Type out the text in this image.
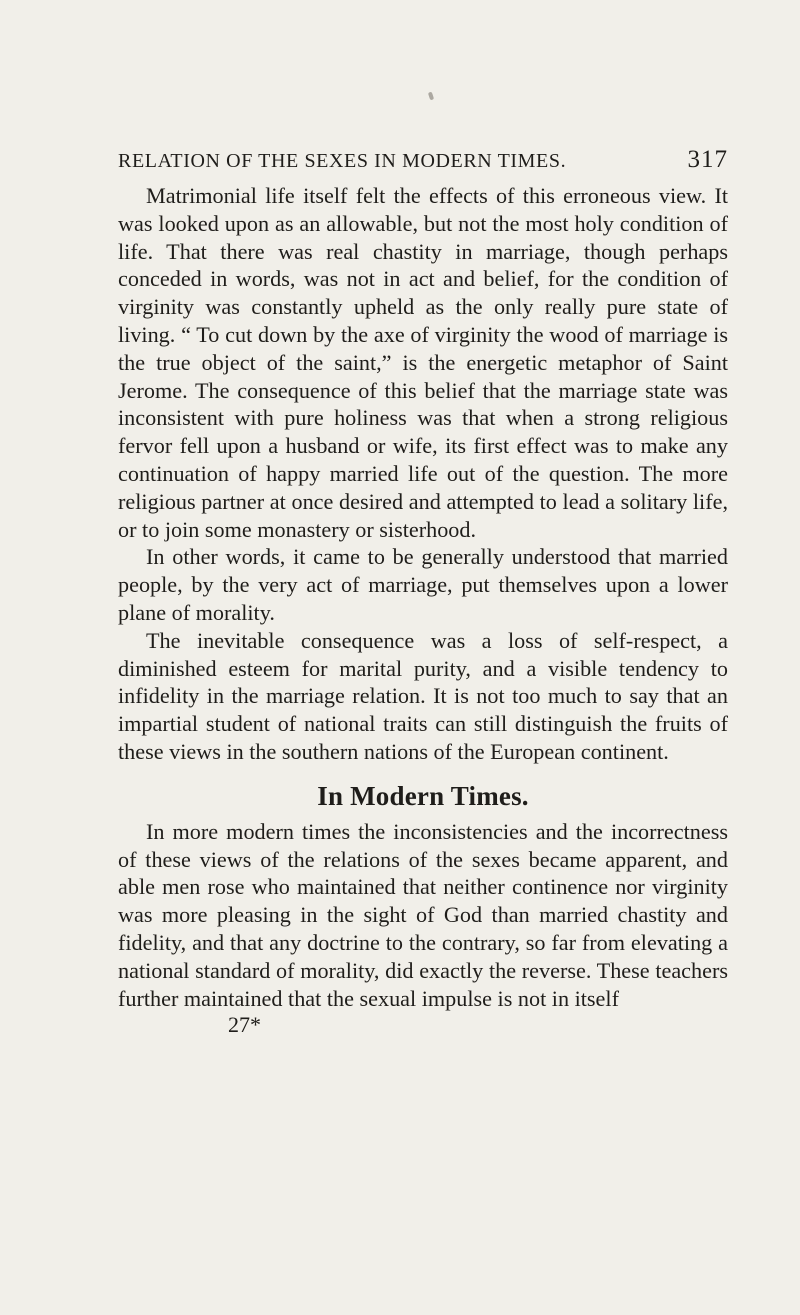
RELATION OF THE SEXES IN MODERN TIMES.	317

Matrimonial life itself felt the effects of this erroneous view. It was looked upon as an allowable, but not the most holy condition of life. That there was real chastity in marriage, though perhaps conceded in words, was not in act and belief, for the condition of virginity was constantly upheld as the only really pure state of living. “ To cut down by the axe of virginity the wood of marriage is the true object of the saint,” is the energetic metaphor of Saint Jerome. The consequence of this belief that the marriage state was inconsistent with pure holiness was that when a strong religious fervor fell upon a husband or wife, its first effect was to make any continuation of happy married life out of the question. The more religious partner at once desired and attempted to lead a solitary life, or to join some monastery or sisterhood.

In other words, it came to be generally understood that married people, by the very act of marriage, put themselves upon a lower plane of morality.

The inevitable consequence was a loss of self-respect, a diminished esteem for marital purity, and a visible tendency to infidelity in the marriage relation. It is not too much to say that an impartial student of national traits can still distinguish the fruits of these views in the southern nations of the European continent.

In Modern Times.

In more modern times the inconsistencies and the incorrectness of these views of the relations of the sexes became apparent, and able men rose who maintained that neither continence nor virginity was more pleasing in the sight of God than married chastity and fidelity, and that any doctrine to the contrary, so far from elevating a national standard of morality, did exactly the reverse. These teachers further maintained that the sexual impulse is not in itself

27*
